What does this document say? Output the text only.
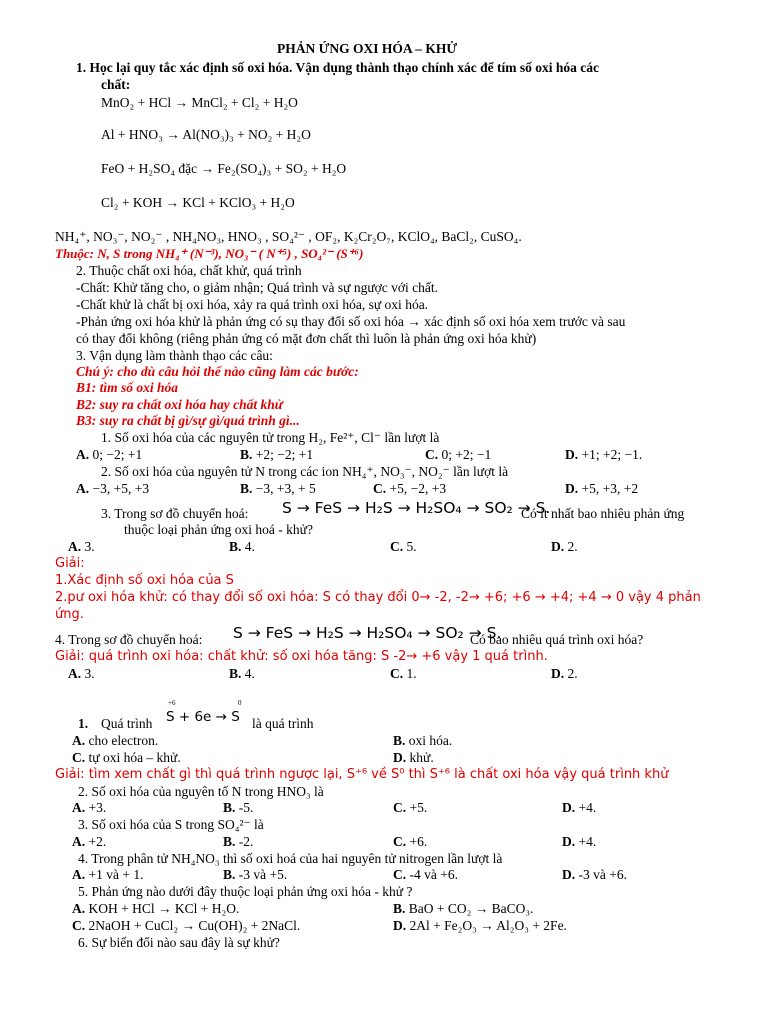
PHẢN ỨNG OXI HÓA – KHỬ
1. Học lại quy tắc xác định số oxi hóa. Vận dụng thành thạo chính xác để tím số oxi hóa các
chất:
MnO₂ + HCl → MnCl₂ + Cl₂ + H₂O
Al + HNO₃ → Al(NO₃)₃ + NO₂ + H₂O
FeO + H₂SO₄ đặc → Fe₂(SO₄)₃ + SO₂ + H₂O
Cl₂ + KOH → KCl + KClO₃ + H₂O
NH₄⁺, NO₃⁻, NO₂⁻ , NH₄NO₃, HNO₃ , SO₄²⁻ , OF₂, K₂Cr₂O₇, KClO₄, BaCl₂, CuSO₄.
Thuộc: N, S trong NH₄⁺ (N⁻³), NO₃⁻ ( N⁺⁵) , SO₄²⁻ (S⁺⁶)
2. Thuộc chất oxi hóa, chất khử, quá trình
-Chất: Khử tăng cho, o giảm nhận; Quá trình và sự ngược với chất.
-Chất khử là chất bị oxi hóa, xảy ra quá trình oxi hóa, sự oxi hóa.
-Phản ứng oxi hóa khử là phản ứng có sụ thay đổi số oxi hóa → xác định số oxi hóa xem trước và sau
có thay đổi không (riêng phản ứng có mặt đơn chất thì luôn là phản ứng oxi hóa khử)
3. Vận dụng làm thành thạo các câu:
Chú ý: cho dù câu hỏi thế nào cũng làm các bước:
B1: tìm số oxi hóa
B2: suy ra chất oxi hóa hay chất khử
B3: suy ra chất bị gì/sự gì/quá trình gì...
1. Số oxi hóa của các nguyên tử trong H₂, Fe²⁺, Cl⁻ lần lượt là
A. 0; −2; +1	B. +2; −2; +1	C. 0; +2; −1	D. +1; +2; −1.
2. Số oxi hóa của nguyên tử N trong các ion NH₄⁺, NO₃⁻, NO₂⁻ lần lượt là
A. −3, +5, +3	B. −3, +3, + 5	C. +5, −2, +3	D. +5, +3, +2
3. Trong sơ đồ chuyển hoá: S → FeS → H₂S → H₂SO₄ → SO₂ → S.
Có ít nhất bao nhiêu phản ứng
thuộc loại phản ứng oxi hoá - khử?
A. 3.	B. 4.	C. 5.	D. 2.
Giải:
1.Xác định số oxi hóa của S
2.pư oxi hóa khử: có thay đổi số oxi hóa: S có thay đổi 0→ -2, -2→ +6; +6 → +4; +4 → 0 vậy 4 phản
ứng.
4. Trong sơ đồ chuyển hoá: S → FeS → H₂S → H₂SO₄ → SO₂ → S.
Có bao nhiêu quá trình oxi hóa?
Giải: quá trình oxi hóa: chất khử: số oxi hóa tăng: S -2→ +6 vậy 1 quá trình.
A. 3.	B. 4.	C. 1.	D. 2.
1. Quá trình
+6	0
S + 6e → S là quá trình
A. cho electron.	B. oxi hóa.
C. tự oxi hóa – khử.	D. khử.
Giải: tìm xem chất gì thì quá trình ngược lại, S⁺⁶ về S⁰ thì S⁺⁶ là chất oxi hóa vậy quá trình khử
2. Số oxi hóa của nguyên tố N trong HNO₃ là
A. +3.	B. -5.	C. +5.	D. +4.
3. Số oxi hóa của S trong SO₄²⁻ là
A. +2.	B. -2.	C. +6.	D. +4.
4. Trong phân tử NH₄NO₃ thì số oxi hoá của hai nguyên tử nitrogen lần lượt là
A. +1 và + 1.	B. -3 và +5.	C. -4 và +6.	D. -3 và +6.
5. Phản ứng nào dưới đây thuộc loại phản ứng oxi hóa - khử ?
A. KOH + HCl → KCl + H₂O.	B. BaO + CO₂ → BaCO₃.
C. 2NaOH + CuCl₂ → Cu(OH)₂ + 2NaCl.	D. 2Al + Fe₂O₃ → Al₂O₃ + 2Fe.
6. Sự biến đổi nào sau đây là sự khử?
